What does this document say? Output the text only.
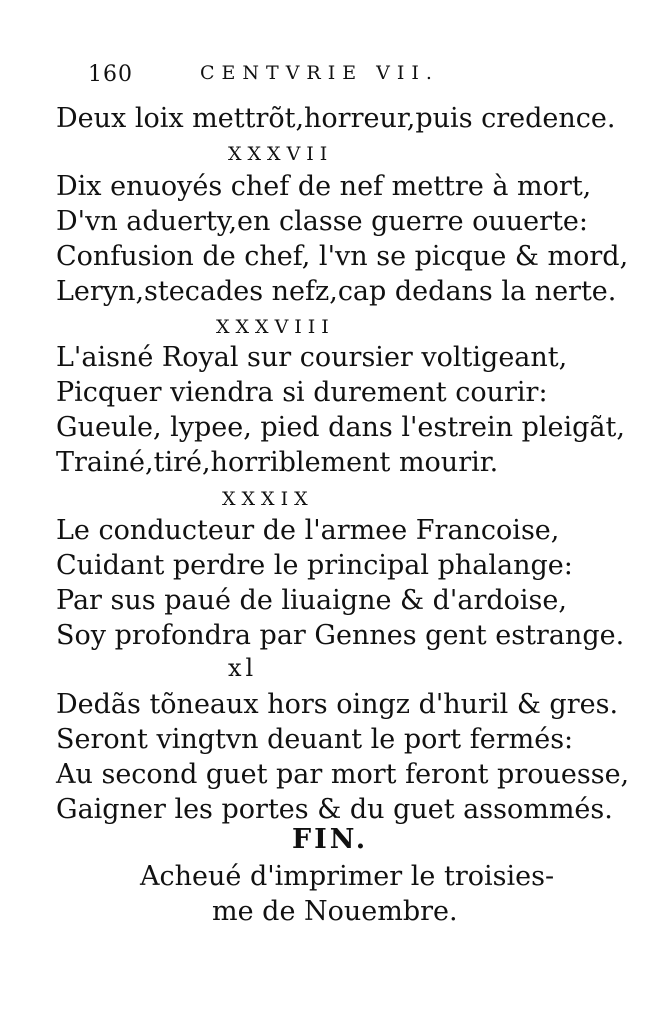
160	CENTVRIE VII.
Deux loix mettrõt,horreur,puis credence.
XXXVII
Dix enuoyés chef de nef mettre à mort,
D'vn aduerty,en classe guerre ouuerte:
Confusion de chef, l'vn se picque & mord,
Leryn,stecades nefz,cap dedans la nerte.
XXXVIII
L'aisné Royal sur coursier voltigeant,
Picquer viendra si durement courir:
Gueule, lypee, pied dans l'estrein pleigãt,
Trainé,tiré,horriblement mourir.
XXXIX
Le conducteur de l'armee Francoise,
Cuidant perdre le principal phalange:
Par sus paué de liuaigne & d'ardoise,
Soy profondra par Gennes gent estrange.
xl
Dedãs tõneaux hors oingz d'huril & gres.
Seront vingtvn deuant le port fermés:
Au second guet par mort feront prouesse,
Gaigner les portes & du guet assommés.
FIN.
Acheué d'imprimer le troisies-
me de Nouembre.
